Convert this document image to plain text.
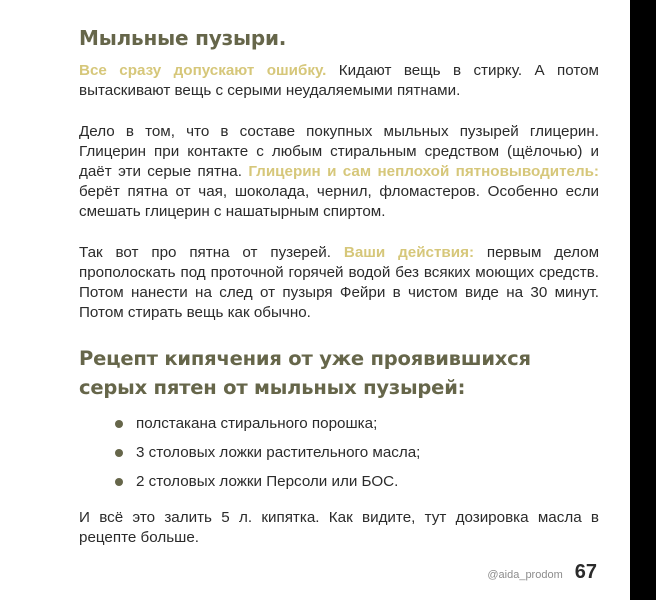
Мыльные пузыри.

Все сразу допускают ошибку. Кидают вещь в стирку. А потом вытаскивают вещь с серыми неудаляемыми пятнами.

Дело в том, что в составе покупных мыльных пузырей глицерин. Глицерин при контакте с любым стиральным средством (щёлочью) и даёт эти серые пятна. Глицерин и сам неплохой пятновыводитель: берёт пятна от чая, шоколада, чернил, фломастеров. Особенно если смешать глицерин с нашатырным спиртом.

Так вот про пятна от пузерей. Ваши действия: первым делом прополоскать под проточной горячей водой без всяких моющих средств. Потом нанести на след от пузыря Фейри в чистом виде на 30 минут. Потом стирать вещь как обычно.

Рецепт кипячения от уже проявившихся серых пятен от мыльных пузырей:
полстакана стирального порошка;
3 столовых ложки растительного масла;
2 столовых ложки Персоли или БОС.

И всё это залить 5 л. кипятка. Как видите, тут дозировка масла в рецепте больше.

@aida_prodom 67
